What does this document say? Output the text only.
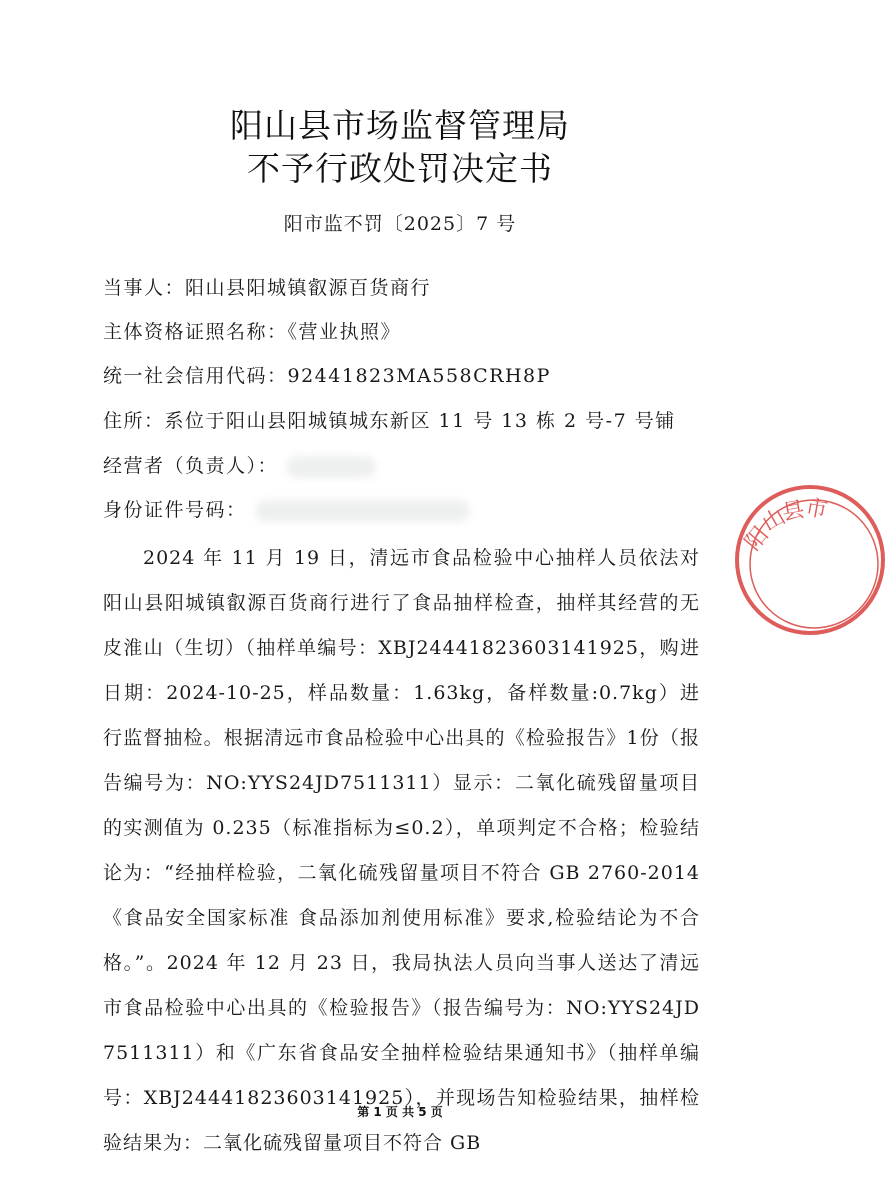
阳山县市场监督管理局
不予行政处罚决定书
阳市监不罚〔2025〕7 号
当事人：阳山县阳城镇叡源百货商行
主体资格证照名称：《营业执照》
统一社会信用代码：92441823MA558CRH8P
住所：系位于阳山县阳城镇城东新区 11 号 13 栋 2 号-7 号铺
经营者（负责人）：
身份证件号码：

2024 年 11 月 19 日，清远市食品检验中心抽样人员依法对阳山县阳城镇叡源百货商行进行了食品抽样检查，抽样其经营的无皮淮山（生切）（抽样单编号：XBJ24441823603141925，购进日期：2024-10-25，样品数量：1.63kg，备样数量:0.7kg）进行监督抽检。根据清远市食品检验中心出具的《检验报告》1份（报告编号为：NO:YYS24JD7511311）显示：二氧化硫残留量项目的实测值为 0.235（标准指标为≤0.2），单项判定不合格；检验结论为：“经抽样检验，二氧化硫残留量项目不符合 GB 2760-2014《食品安全国家标准 食品添加剂使用标准》要求,检验结论为不合格。”。2024 年 12 月 23 日，我局执法人员向当事人送达了清远市食品检验中心出具的《检验报告》（报告编号为：NO:YYS24JD7511311）和《广东省食品安全抽样检验结果通知书》（抽样单编号：XBJ24441823603141925），并现场告知检验结果，抽样检验结果为：二氧化硫残留量项目不符合 GB

第 1 页 共 5 页
阳
山
县
市
